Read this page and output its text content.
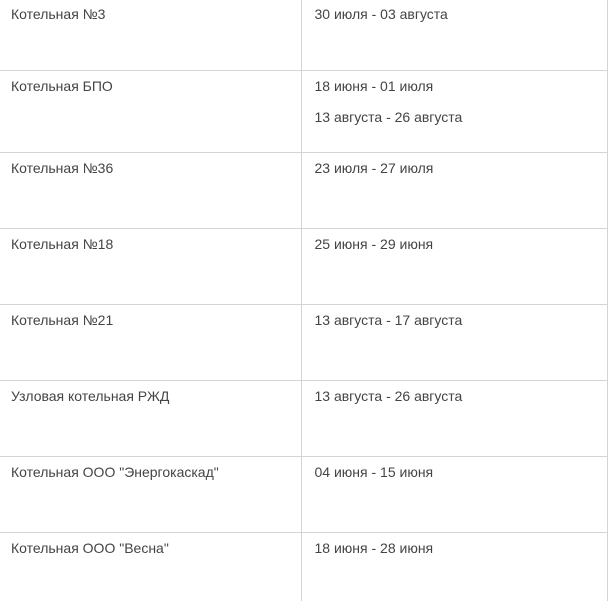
Котельная №3	30 июля - 03 августа

Котельная БПО	18 июня - 01 июля
13 августа - 26 августа

Котельная №36	23 июля - 27 июля

Котельная №18	25 июня - 29 июня

Котельная №21	13 августа - 17 августа

Узловая котельная РЖД	13 августа - 26 августа

Котельная ООО "Энергокаскад"	04 июня - 15 июня

Котельная ООО "Весна"	18 июня - 28 июня
